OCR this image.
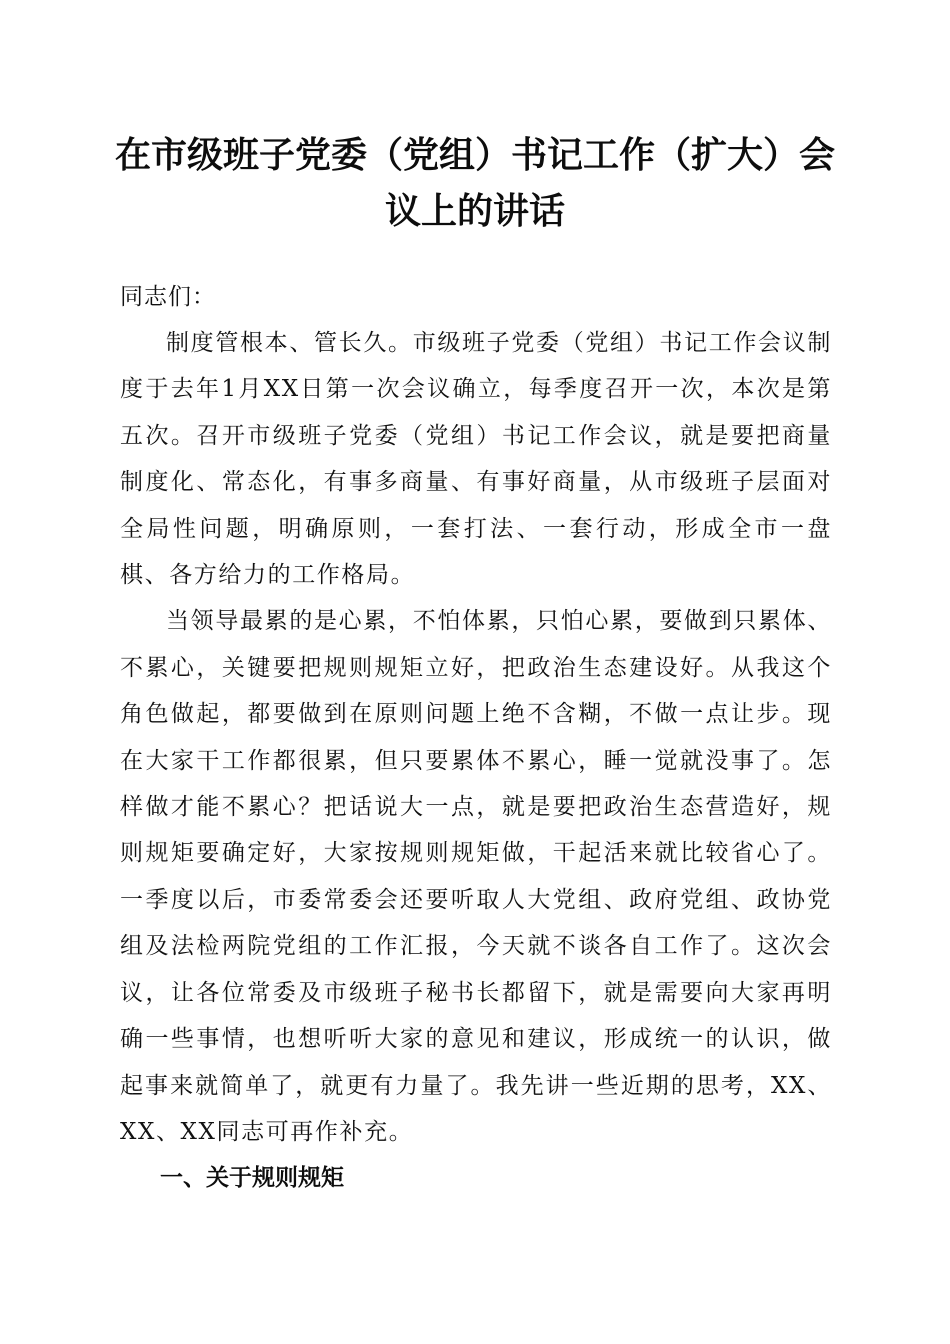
在市级班子党委（党组）书记工作（扩大）会
议上的讲话

同志们：

制度管根本、管长久。市级班子党委（党组）书记工作会议制度于去年1月XX日第一次会议确立，每季度召开一次，本次是第五次。召开市级班子党委（党组）书记工作会议，就是要把商量制度化、常态化，有事多商量、有事好商量，从市级班子层面对全局性问题，明确原则，一套打法、一套行动，形成全市一盘棋、各方给力的工作格局。

当领导最累的是心累，不怕体累，只怕心累，要做到只累体、不累心，关键要把规则规矩立好，把政治生态建设好。从我这个角色做起，都要做到在原则问题上绝不含糊，不做一点让步。现在大家干工作都很累，但只要累体不累心，睡一觉就没事了。怎样做才能不累心？把话说大一点，就是要把政治生态营造好，规则规矩要确定好，大家按规则规矩做，干起活来就比较省心了。一季度以后，市委常委会还要听取人大党组、政府党组、政协党组及法检两院党组的工作汇报，今天就不谈各自工作了。这次会议，让各位常委及市级班子秘书长都留下，就是需要向大家再明确一些事情，也想听听大家的意见和建议，形成统一的认识，做起事来就简单了，就更有力量了。我先讲一些近期的思考，XX、XX、XX同志可再作补充。

一、关于规则规矩
